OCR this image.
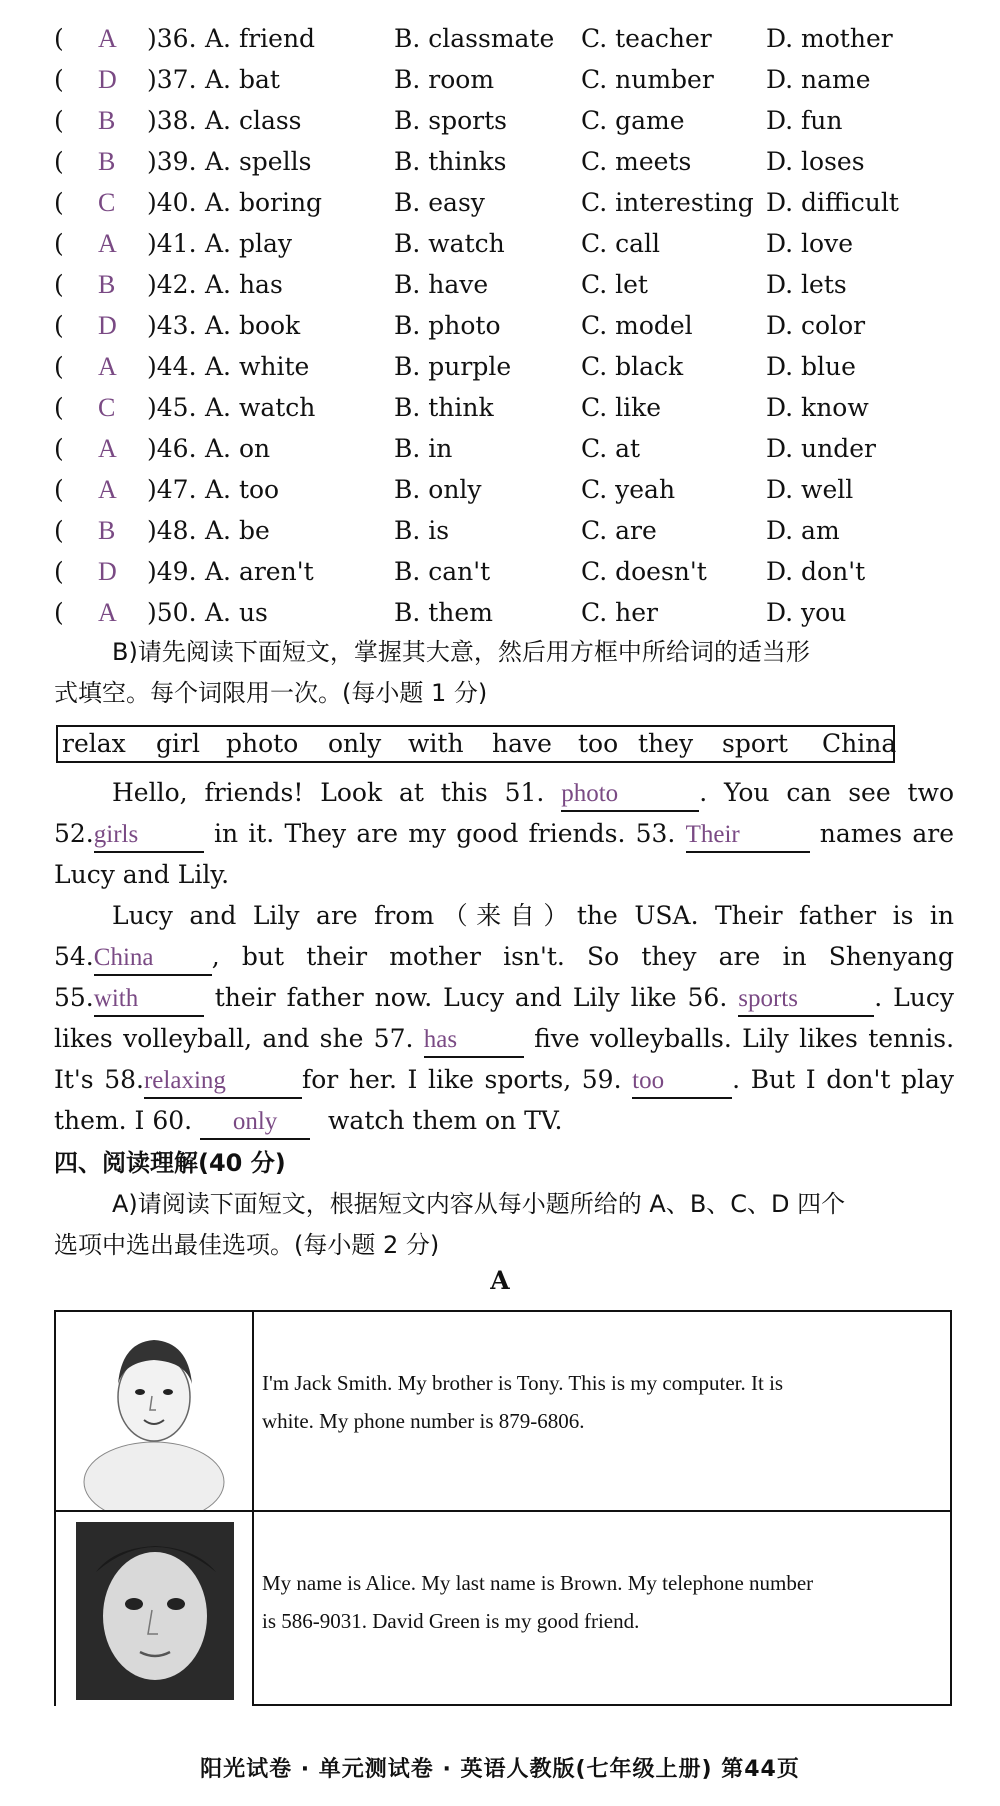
( A )36. A. friend	B. classmate C. teacher D. mother
( D )37. A. bat	B. room	C. number D. name
( B )38. A. class	B. sports	C. game	D. fun
( B )39. A. spells	B. thinks	C. meets	D. loses
( C )40. A. boring	B. easy	C. interesting D. difficult
( A )41. A. play	B. watch	C. call	D. love
( B )42. A. has	B. have	C. let	D. lets
( D )43. A. book	B. photo	C. model	D. color
( A )44. A. white	B. purple	C. black	D. blue
( C )45. A. watch	B. think	C. like	D. know
( A )46. A. on	B. in	C. at	D. under
( A )47. A. too	B. only	C. yeah	D. well
( B )48. A. be	B. is	C. are	D. am
( D )49. A. aren't	B. can't	C. doesn't D. don't
( A )50. A. us	B. them	C. her	D. you
B)请先阅读下面短文，掌握其大意，然后用方框中所给词的适当形
式填空。每个词限用一次。(每小题 1 分)
relax girl photo only with have too they sport China
Hello, friends! Look at this 51. photo	. You can see two
52.girls	in it. They are my good friends. 53. Their	names are
Lucy and Lily.
Lucy and Lily are from（来自）the USA. Their father is in
54.China , but their mother isn't. So they are in Shenyang
55.with	their father now. Lucy and Lily like 56. sports	. Lucy
likes volleyball, and she 57. has	five volleyballs. Lily likes tennis.
It's 58.relaxing	for her. I like sports, 59. too	. But I don't play
them. I 60. only watch them on TV.
四、阅读理解(40 分)
A)请阅读下面短文，根据短文内容从每小题所给的 A、B、C、D 四个
选项中选出最佳选项。(每小题 2 分)
A
I'm Jack Smith. My brother is Tony. This is my computer. It is
white. My phone number is 879-6806.
My name is Alice. My last name is Brown. My telephone number
is 586-9031. David Green is my good friend.
阳光试卷 · 单元测试卷 · 英语人教版(七年级上册) 第44页
